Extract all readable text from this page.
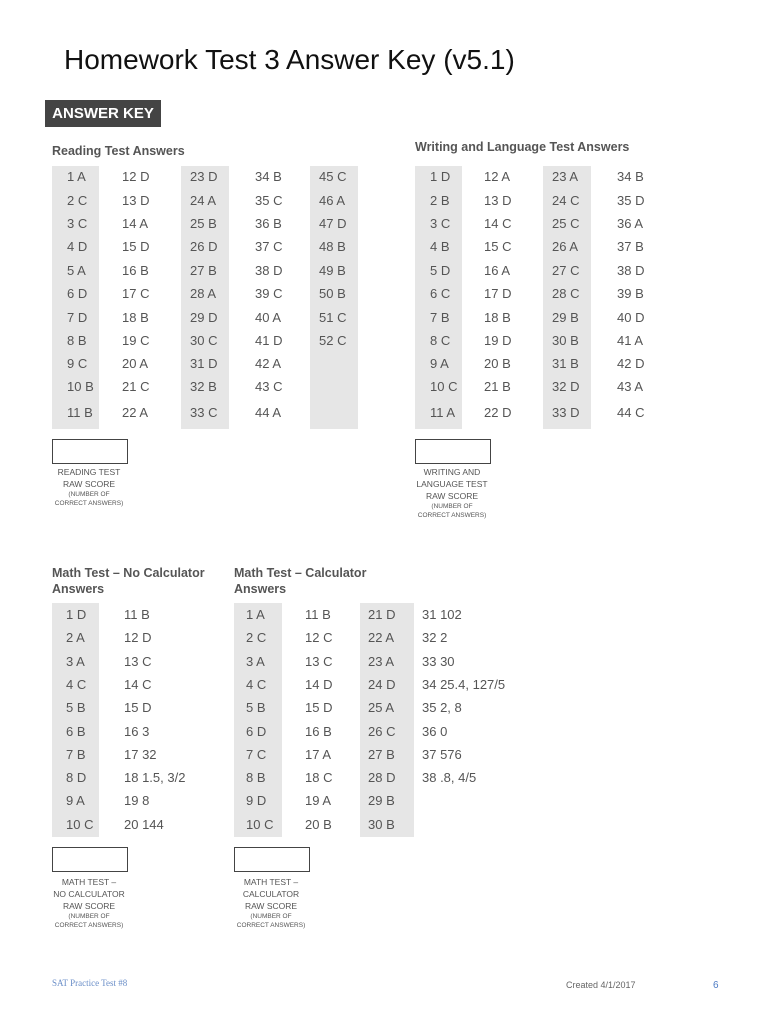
Homework Test 3 Answer Key (v5.1)
ANSWER KEY
Reading Test Answers
1 A
2 C
3 C
4 D
5 A
6 D
7 D
8 B
9 C
10 B
11 B
12 D
13 D
14 A
15 D
16 B
17 C
18 B
19 C
20 A
21 C
22 A
23 D
24 A
25 B
26 D
27 B
28 A
29 D
30 C
31 D
32 B
33 C
34 B
35 C
36 B
37 C
38 D
39 C
40 A
41 D
42 A
43 C
44 A
45 C
46 A
47 D
48 B
49 B
50 B
51 C
52 C
READING TEST
RAW SCORE
(NUMBER OF
CORRECT ANSWERS)
Writing and Language Test Answers
1 D
2 B
3 C
4 B
5 D
6 C
7 B
8 C
9 A
10 C
11 A
12 A
13 D
14 C
15 C
16 A
17 D
18 B
19 D
20 B
21 B
22 D
23 A
24 C
25 C
26 A
27 C
28 C
29 B
30 B
31 B
32 D
33 D
34 B
35 D
36 A
37 B
38 D
39 B
40 D
41 A
42 D
43 A
44 C
WRITING AND
LANGUAGE TEST
RAW SCORE
(NUMBER OF
CORRECT ANSWERS)
Math Test – No Calculator
Answers
1 D
2 A
3 A
4 C
5 B
6 B
7 B
8 D
9 A
10 C
11 B
12 D
13 C
14 C
15 D
16 3
17 32
18 1.5, 3/2
19 8
20 144
MATH TEST –
NO CALCULATOR
RAW SCORE
(NUMBER OF
CORRECT ANSWERS)
Math Test – Calculator
Answers
1 A
2 C
3 A
4 C
5 B
6 D
7 C
8 B
9 D
10 C
11 B
12 C
13 C
14 D
15 D
16 B
17 A
18 C
19 A
20 B
21 D
22 A
23 A
24 D
25 A
26 C
27 B
28 D
29 B
30 B
31 102
32 2
33 30
34 25.4, 127/5
35 2, 8
36 0
37 576
38 .8, 4/5
MATH TEST –
CALCULATOR
RAW SCORE
(NUMBER OF
CORRECT ANSWERS)
SAT Practice Test #8	Created 4/1/2017	6
